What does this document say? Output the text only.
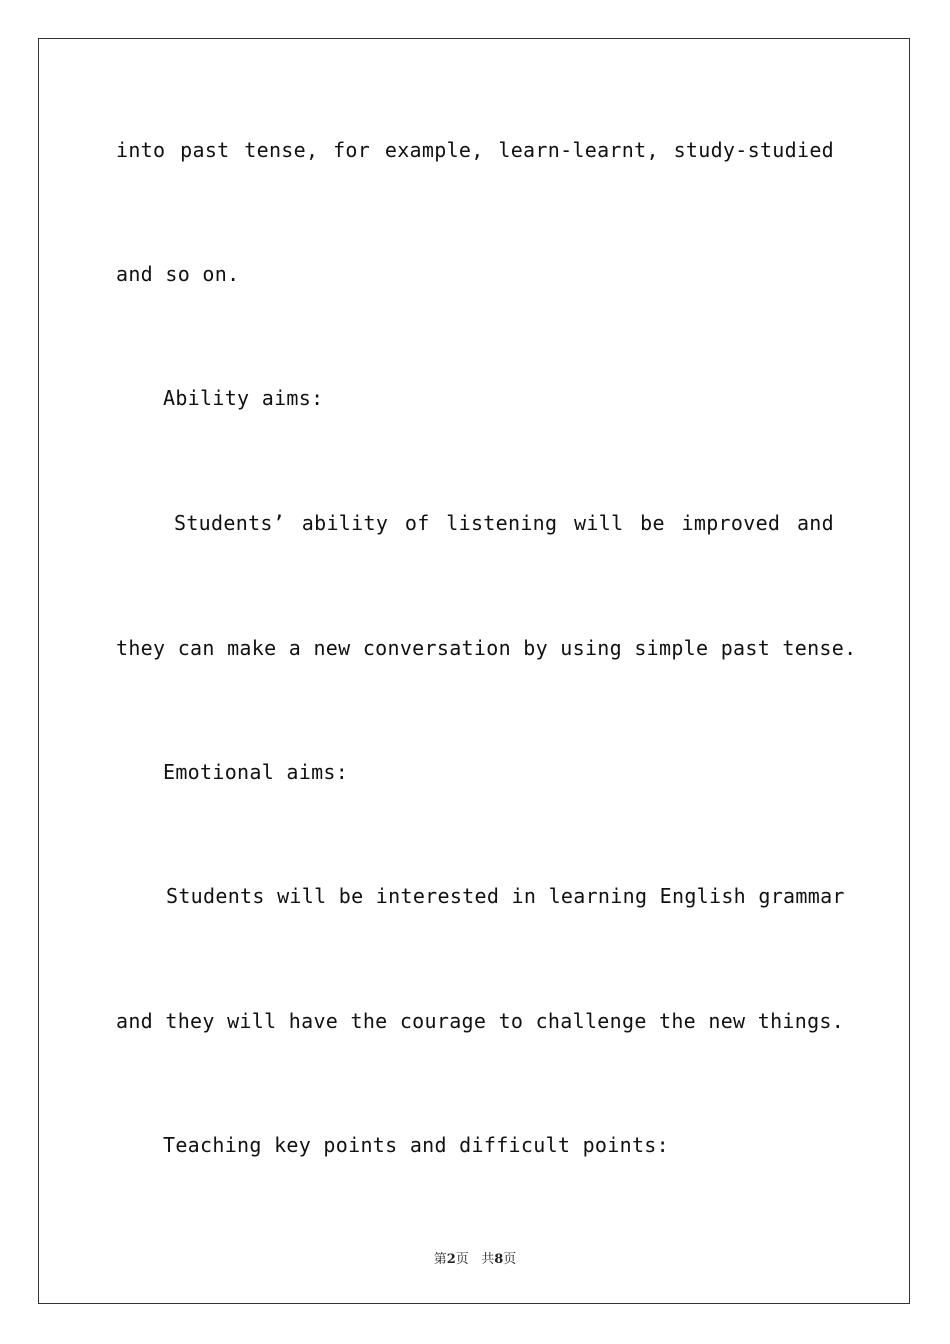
into past tense, for example, learn-learnt, study-studied
and so on.
Ability aims:
Students’ ability of listening will be improved and
they can make a new conversation by using simple past tense.
Emotional aims:
Students will be interested in learning English grammar
and they will have the courage to challenge the new things.
Teaching key points and difficult points:
第2页 共8页
